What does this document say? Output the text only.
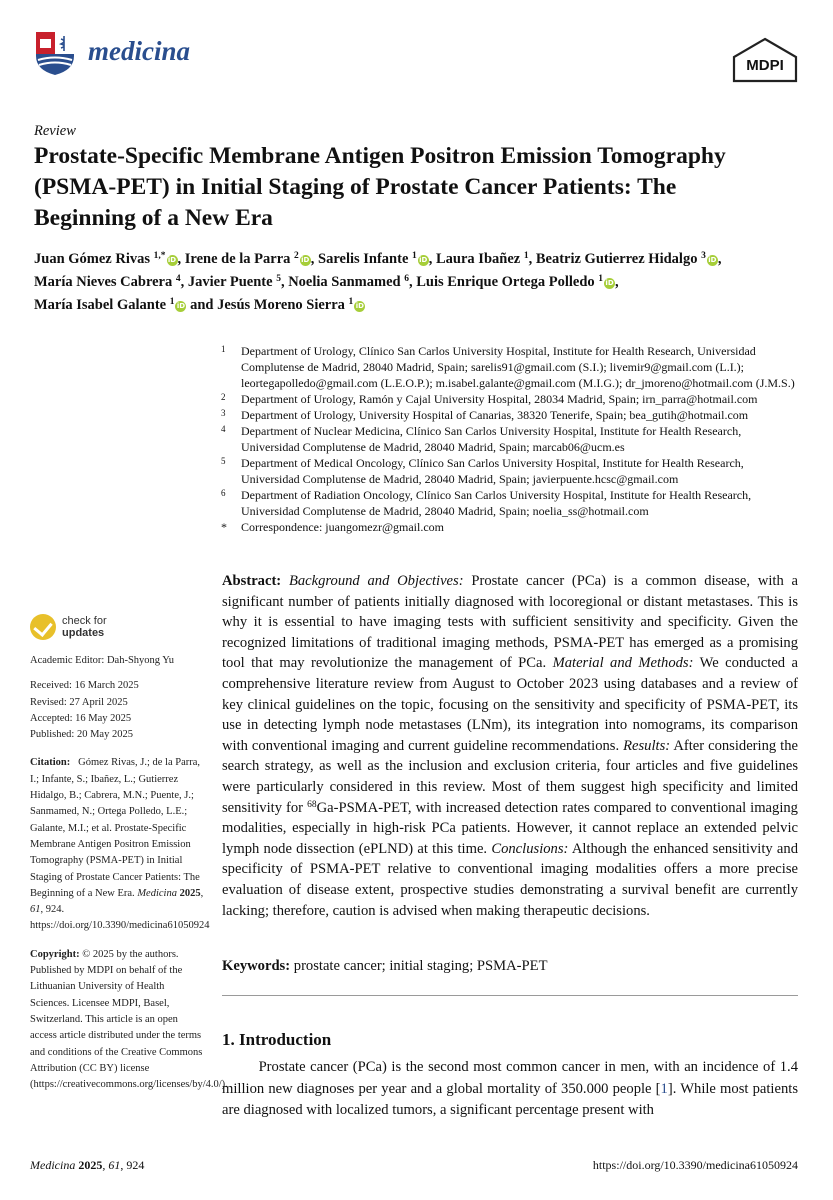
medicina	MDPI
Review
Prostate-Specific Membrane Antigen Positron Emission Tomography (PSMA-PET) in Initial Staging of Prostate Cancer Patients: The Beginning of a New Era
Juan Gómez Rivas $^{1,*}$ iD, Irene de la Parra $^2$ iD, Sarelis Infante $^1$ iD, Laura Ibañez $^1$, Beatriz Gutierrez Hidalgo $^3$ iD,
María Nieves Cabrera $^4$, Javier Puente $^5$, Noelia Sanmamed $^6$, Luis Enrique Ortega Polledo $^1$ iD,
María Isabel Galante $^1$ iD and Jesús Moreno Sierra $^1$ iD
1 Department of Urology, Clínico San Carlos University Hospital, Institute for Health Research, Universidad Complutense de Madrid, 28040 Madrid, Spain; sarelis91@gmail.com (S.I.); livemir9@gmail.com (L.I.); leortegapolledo@gmail.com (L.E.O.P.); m.isabel.galante@gmail.com (M.I.G.); dr_jmoreno@hotmail.com (J.M.S.)
2 Department of Urology, Ramón y Cajal University Hospital, 28034 Madrid, Spain; irn_parra@hotmail.com
3 Department of Urology, University Hospital of Canarias, 38320 Tenerife, Spain; bea_gutih@hotmail.com
4 Department of Nuclear Medicina, Clínico San Carlos University Hospital, Institute for Health Research, Universidad Complutense de Madrid, 28040 Madrid, Spain; marcab06@ucm.es
5 Department of Medical Oncology, Clínico San Carlos University Hospital, Institute for Health Research, Universidad Complutense de Madrid, 28040 Madrid, Spain; javierpuente.hcsc@gmail.com
6 Department of Radiation Oncology, Clínico San Carlos University Hospital, Institute for Health Research, Universidad Complutense de Madrid, 28040 Madrid, Spain; noelia_ss@hotmail.com
* Correspondence: juangomezr@gmail.com
check for
updates
Academic Editor: Dah-Shyong Yu
Received: 16 March 2025
Revised: 27 April 2025
Accepted: 16 May 2025
Published: 20 May 2025
Citation: Gómez Rivas, J.; de la Parra, I.; Infante, S.; Ibañez, L.; Gutierrez Hidalgo, B.; Cabrera, M.N.; Puente, J.; Sanmamed, N.; Ortega Polledo, L.E.; Galante, M.I.; et al. Prostate-Specific Membrane Antigen Positron Emission Tomography (PSMA-PET) in Initial Staging of Prostate Cancer Patients: The Beginning of a New Era. Medicina 2025, 61, 924. https://doi.org/10.3390/medicina61050924
Copyright: © 2025 by the authors. Published by MDPI on behalf of the Lithuanian University of Health Sciences. Licensee MDPI, Basel, Switzerland. This article is an open access article distributed under the terms and conditions of the Creative Commons Attribution (CC BY) license (https://creativecommons.org/licenses/by/4.0/).
Abstract: Background and Objectives: Prostate cancer (PCa) is a common disease, with a significant number of patients initially diagnosed with locoregional or distant metastases. This is why it is essential to have imaging tests with sufficient sensitivity and specificity. Given the recognized limitations of traditional imaging methods, PSMA-PET has emerged as a promising tool that may revolutionize the management of PCa. Material and Methods: We conducted a comprehensive literature review from August to October 2023 using databases and a review of key clinical guidelines on the topic, focusing on the sensitivity and specificity of PSMA-PET, its use in detecting lymph node metastases (LNm), its integration into nomograms, its comparison with conventional imaging and current guideline recommendations. Results: After considering the search strategy, as well as the inclusion and exclusion criteria, four articles and five guidelines were particularly considered in this review. Most of them suggest high specificity and limited sensitivity for $^{68}$Ga-PSMA-PET, with increased detection rates compared to conventional imaging modalities, especially in high-risk PCa patients. However, it cannot replace an extended pelvic lymph node dissection (ePLND) at this time. Conclusions: Although the enhanced sensitivity and specificity of PSMA-PET relative to conventional imaging modalities offers a more precise evaluation of disease extent, prospective studies demonstrating a survival benefit are currently lacking; therefore, caution is advised when making therapeutic decisions.
Keywords: prostate cancer; initial staging; PSMA-PET
1. Introduction
Prostate cancer (PCa) is the second most common cancer in men, with an incidence of 1.4 million new diagnoses per year and a global mortality of 350.000 people [1]. While most patients are diagnosed with localized tumors, a significant percentage present with
Medicina 2025, 61, 924	https://doi.org/10.3390/medicina61050924
